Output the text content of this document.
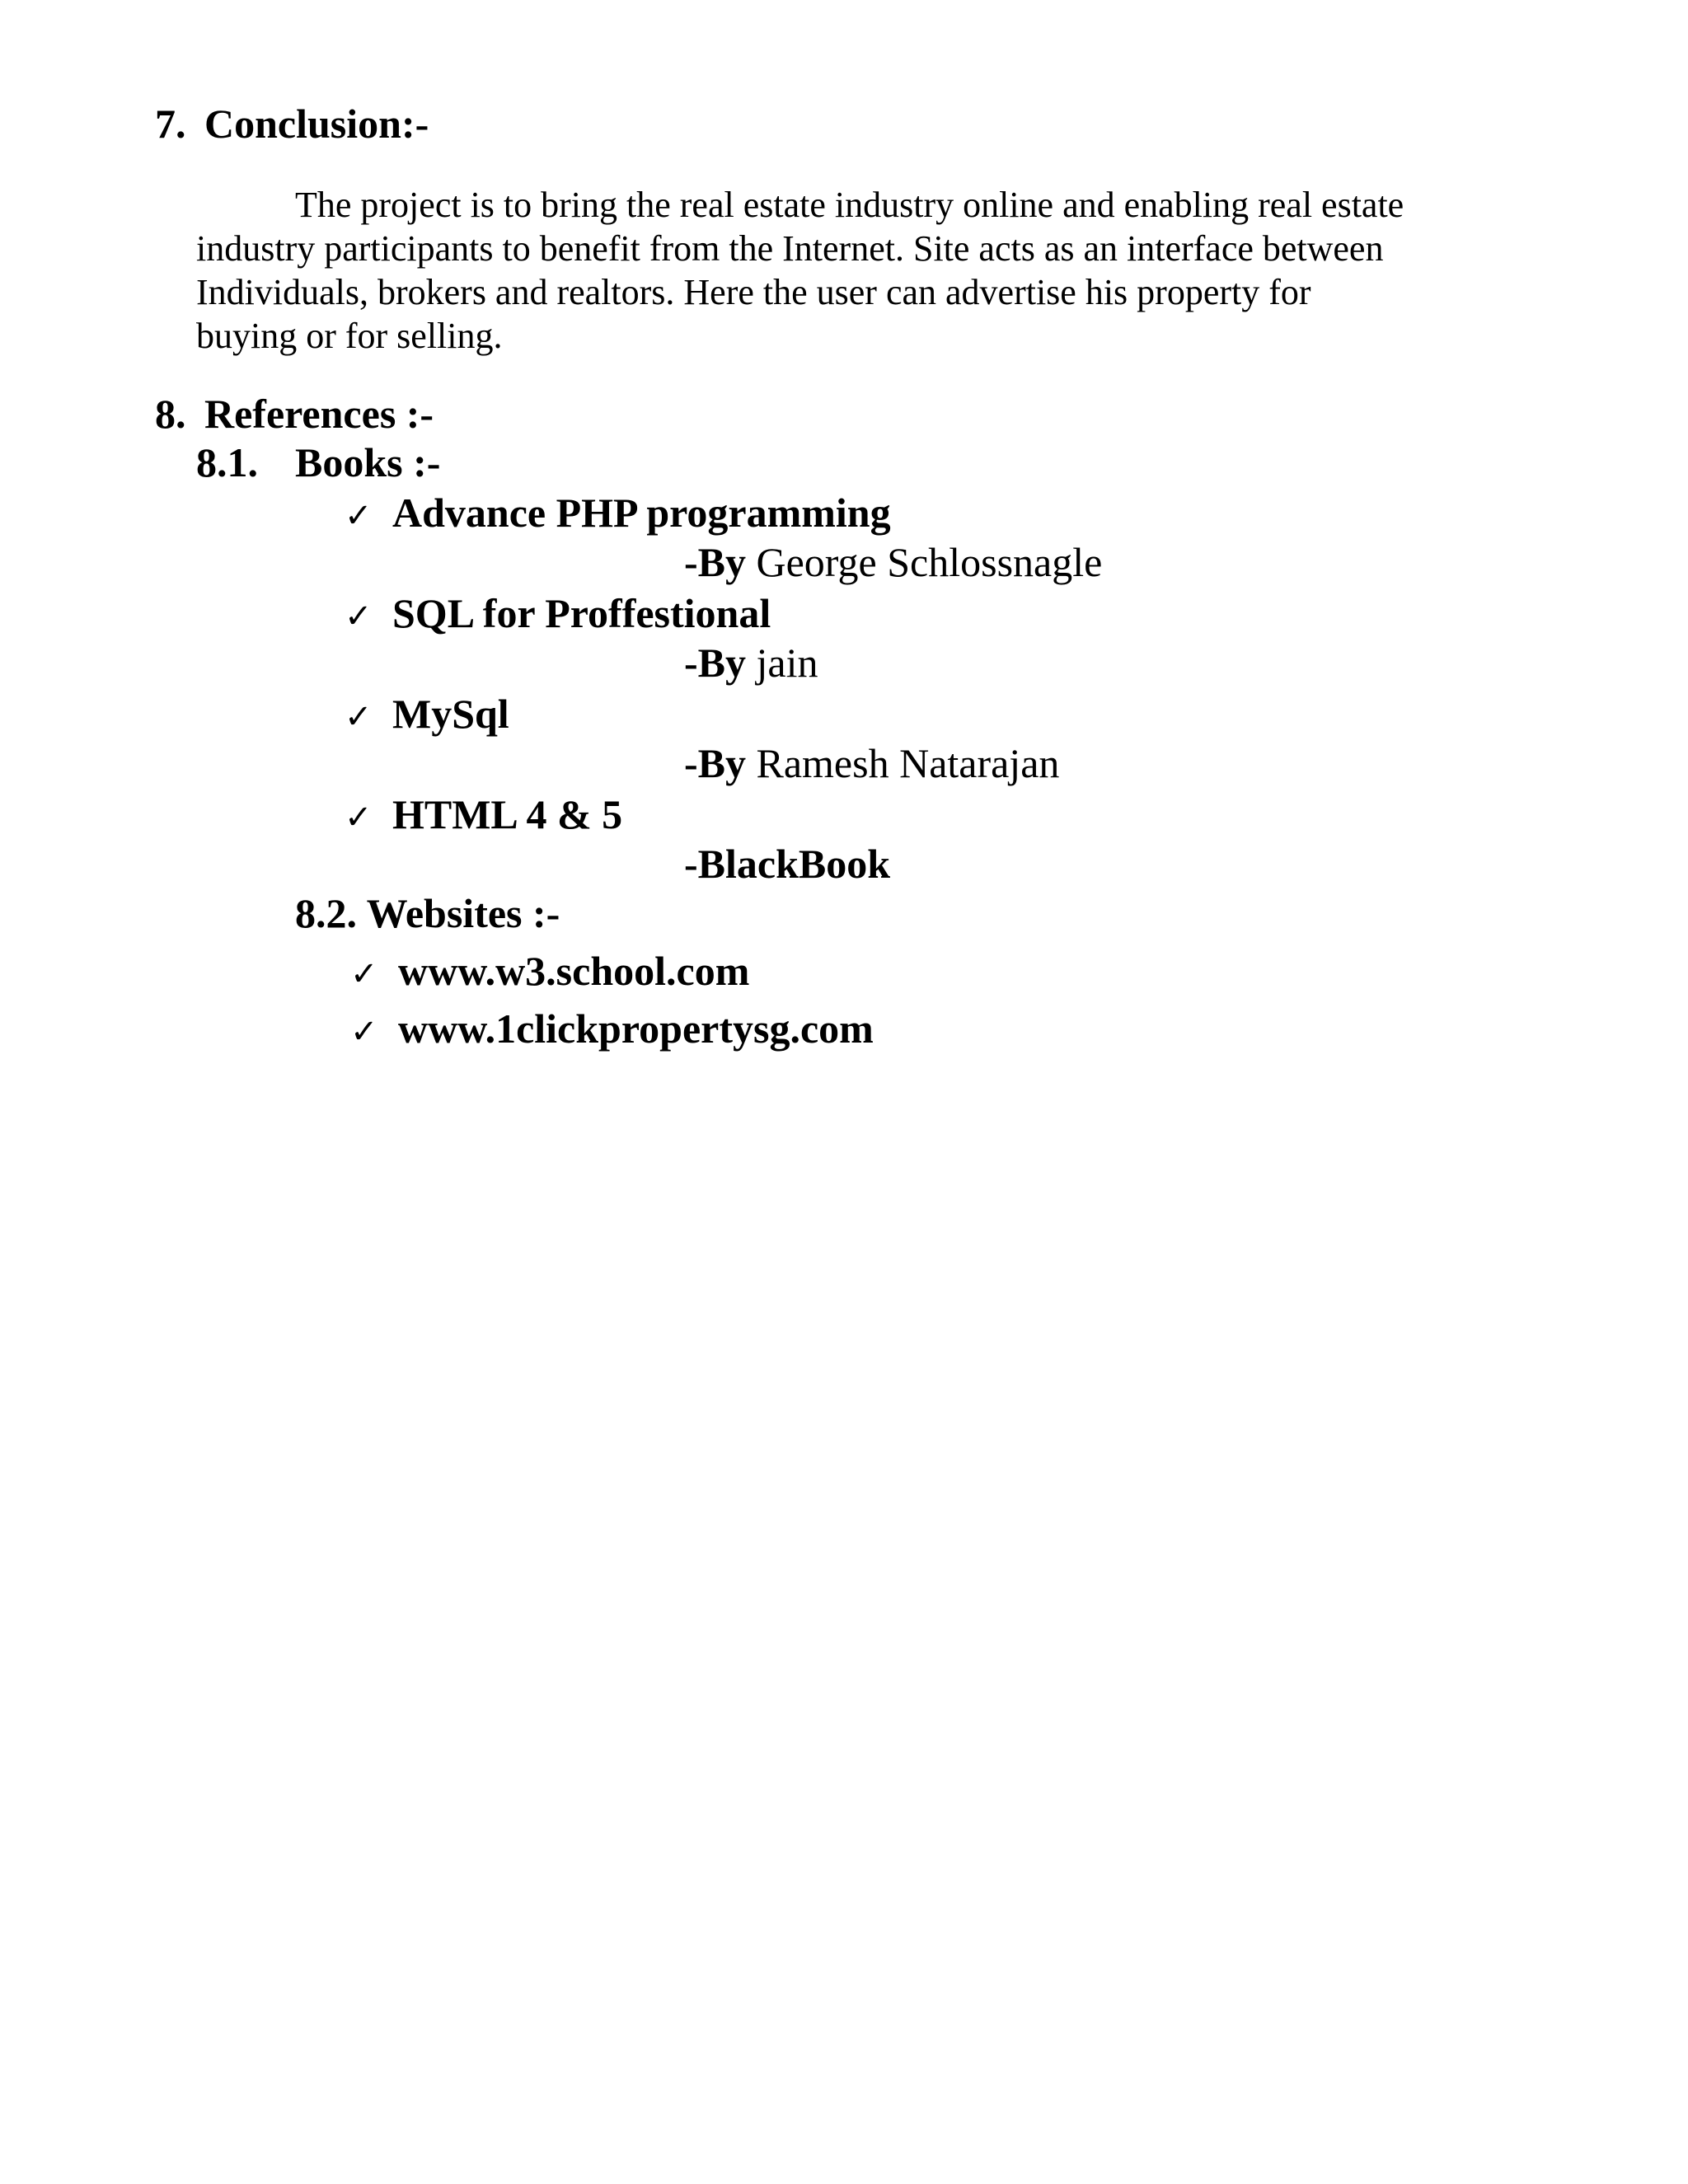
7. Conclusion:-
The project is to bring the real estate industry online and enabling real estate
industry participants to benefit from the Internet. Site acts as an interface between
Individuals, brokers and realtors. Here the user can advertise his property for
buying or for selling.
8. References :-
8.1. Books :-
✓ Advance PHP programming
-By George Schlossnagle
✓ SQL for Proffestional
-By jain
✓ MySql
-By Ramesh Natarajan
✓ HTML 4 & 5
-BlackBook
8.2. Websites :-
✓ www.w3.school.com
✓ www.1clickpropertysg.com
